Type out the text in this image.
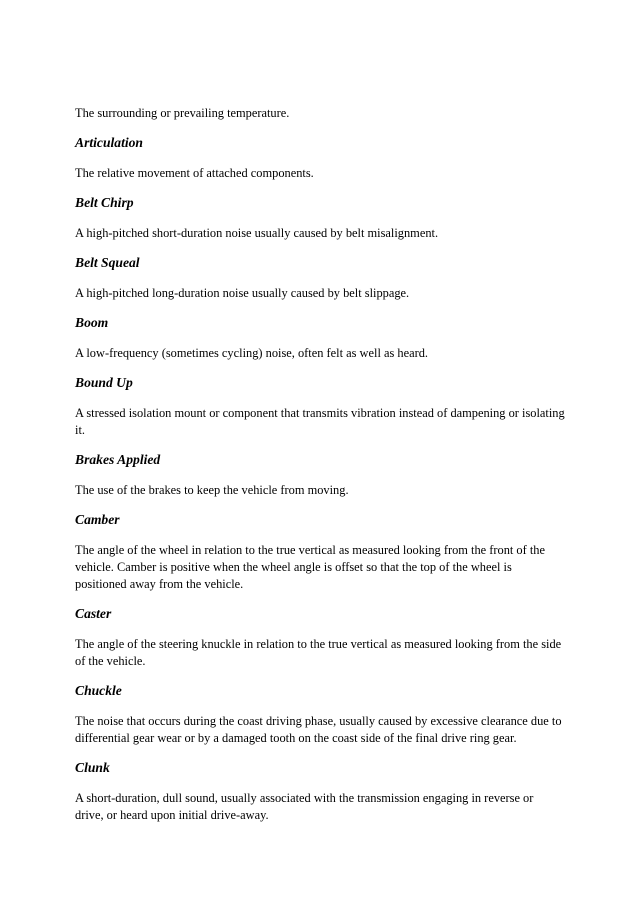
The surrounding or prevailing temperature.

Articulation

The relative movement of attached components.

Belt Chirp

A high-pitched short-duration noise usually caused by belt misalignment.

Belt Squeal

A high-pitched long-duration noise usually caused by belt slippage.

Boom

A low-frequency (sometimes cycling) noise, often felt as well as heard.

Bound Up

A stressed isolation mount or component that transmits vibration instead of dampening or isolating it.

Brakes Applied

The use of the brakes to keep the vehicle from moving.

Camber

The angle of the wheel in relation to the true vertical as measured looking from the front of the vehicle. Camber is positive when the wheel angle is offset so that the top of the wheel is positioned away from the vehicle.

Caster

The angle of the steering knuckle in relation to the true vertical as measured looking from the side of the vehicle.

Chuckle

The noise that occurs during the coast driving phase, usually caused by excessive clearance due to differential gear wear or by a damaged tooth on the coast side of the final drive ring gear.

Clunk

A short-duration, dull sound, usually associated with the transmission engaging in reverse or drive, or heard upon initial drive-away.
